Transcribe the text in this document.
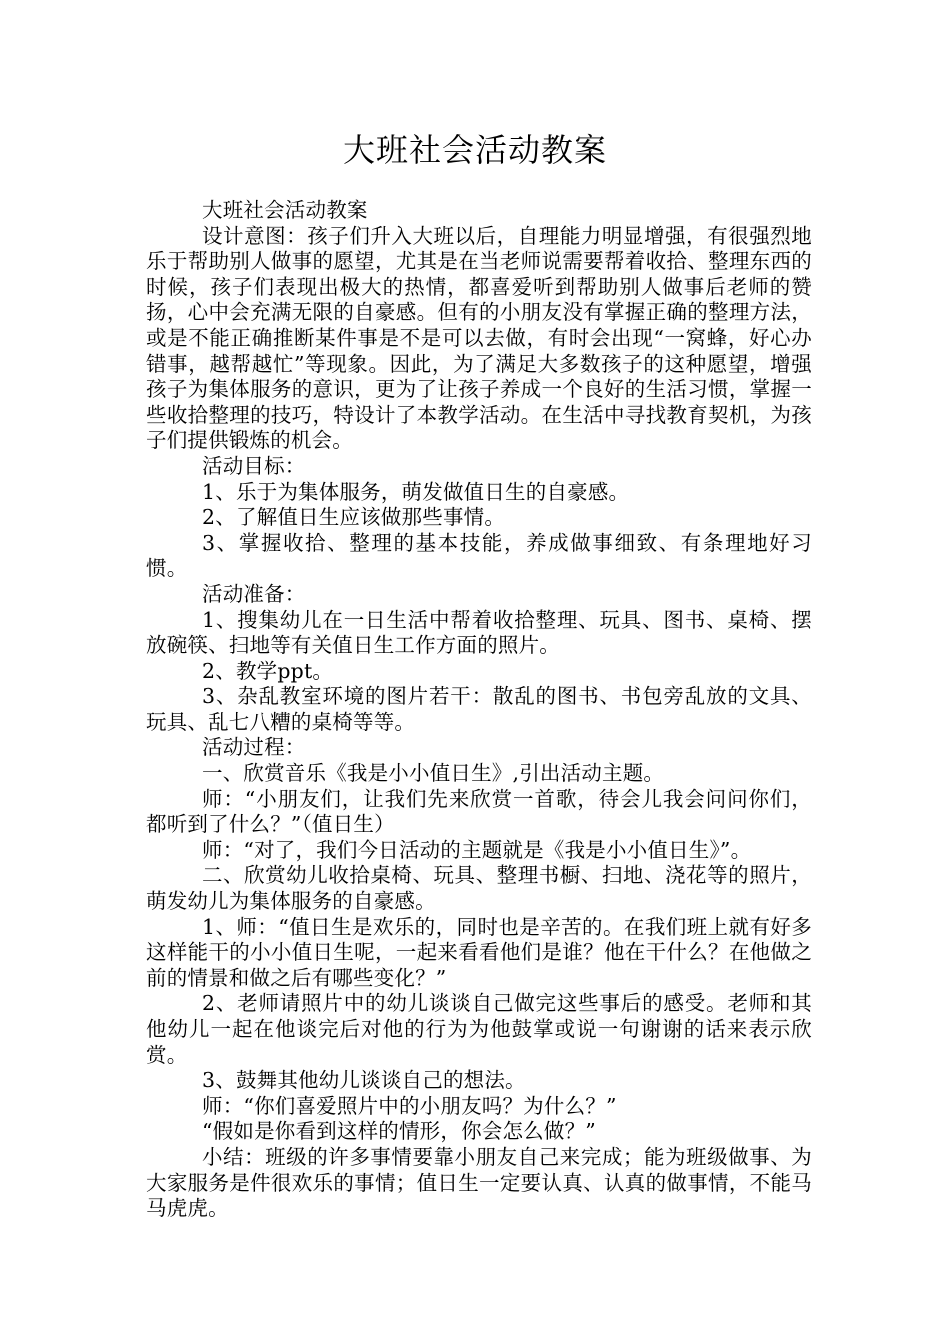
大班社会活动教案

大班社会活动教案

设计意图：孩子们升入大班以后，自理能力明显增强，有很强烈地乐于帮助别人做事的愿望，尤其是在当老师说需要帮着收拾、整理东西的时候，孩子们表现出极大的热情，都喜爱听到帮助别人做事后老师的赞扬，心中会充满无限的自豪感。但有的小朋友没有掌握正确的整理方法，或是不能正确推断某件事是不是可以去做，有时会出现“一窝蜂，好心办错事，越帮越忙”等现象。因此，为了满足大多数孩子的这种愿望，增强孩子为集体服务的意识，更为了让孩子养成一个良好的生活习惯，掌握一些收拾整理的技巧，特设计了本教学活动。在生活中寻找教育契机，为孩子们提供锻炼的机会。

活动目标：

1、乐于为集体服务，萌发做值日生的自豪感。

2、了解值日生应该做那些事情。

3、掌握收拾、整理的基本技能，养成做事细致、有条理地好习惯。

活动准备：

1、搜集幼儿在一日生活中帮着收拾整理、玩具、图书、桌椅、摆放碗筷、扫地等有关值日生工作方面的照片。

2、教学ppt。

3、杂乱教室环境的图片若干：散乱的图书、书包旁乱放的文具、玩具、乱七八糟的桌椅等等。

活动过程：

一、欣赏音乐《我是小小值日生》,引出活动主题。

师：“小朋友们，让我们先来欣赏一首歌，待会儿我会问问你们，都听到了什么？”（值日生）

师：“对了，我们今日活动的主题就是《我是小小值日生》”。

二、欣赏幼儿收拾桌椅、玩具、整理书橱、扫地、浇花等的照片，萌发幼儿为集体服务的自豪感。

1、师：“值日生是欢乐的，同时也是辛苦的。在我们班上就有好多这样能干的小小值日生呢，一起来看看他们是谁？他在干什么？在他做之前的情景和做之后有哪些变化？”

2、老师请照片中的幼儿谈谈自己做完这些事后的感受。老师和其他幼儿一起在他谈完后对他的行为为他鼓掌或说一句谢谢的话来表示欣赏。

3、鼓舞其他幼儿谈谈自己的想法。

师：“你们喜爱照片中的小朋友吗？为什么？”

“假如是你看到这样的情形，你会怎么做？”

小结：班级的许多事情要靠小朋友自己来完成；能为班级做事、为大家服务是件很欢乐的事情；值日生一定要认真、认真的做事情，不能马马虎虎。
